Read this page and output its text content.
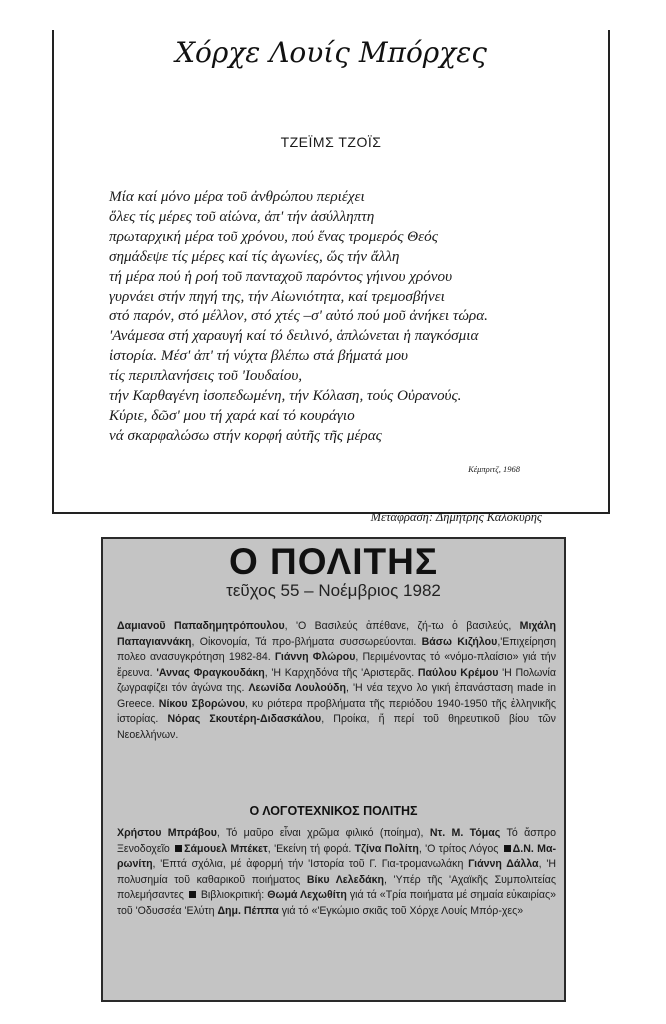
Χόρχε Λουίς Μπόρχες
ΤΖΕΪΜΣ ΤΖΟΪΣ
Μία καί μόνο μέρα τοῦ ἀνθρώπου περιέχει
ὅλες τίς μέρες τοῦ αἰώνα, ἀπ' τήν ἀσύλληπτη
πρωταρχική μέρα τοῦ χρόνου, πού ἕνας τρομερός Θεός
σημάδεψε τίς μέρες καί τίς ἀγωνίες, ὥς τήν ἄλλη
τή μέρα πού ἡ ροή τοῦ πανταχοῦ παρόντος γήινου χρόνου
γυρνάει στήν πηγή της, τήν Αἰωνιότητα, καί τρεμοσβήνει
στό παρόν, στό μέλλον, στό χτές –σ' αὐτό πού μοῦ ἀνήκει τώρα.
'Ανάμεσα στή χαραυγή καί τό δειλινό, ἁπλώνεται ἡ παγκόσμια
ἱστορία. Μέσ' ἀπ' τή νύχτα βλέπω στά βήματά μου
τίς περιπλανήσεις τοῦ 'Ιουδαίου,
τήν Καρθαγένη ἰσοπεδωμένη, τήν Κόλαση, τούς Οὐρανούς.
Κύριε, δῶσ' μου τή χαρά καί τό κουράγιο
νά σκαρφαλώσω στήν κορφή αὐτῆς τῆς μέρας
Κέμπριτζ, 1968
Μετάφραση: Δημήτρης Καλοκύρης
Ο ΠΟΛΙΤΗΣ
τεῦχος 55 – Νοέμβριος 1982
Δαμιανοῦ Παπαδημητρόπουλου, 'Ο Βασιλεύς ἀπέθανε, ζή-τω ὁ βασιλεύς, Μιχάλη Παπαγιαννάκη, Οἰκονομία, Τά προ-βλήματα συσσωρεύονται. Βάσω Κιζήλου,'Επιχείρηση πολεο ανασυγκρότηση 1982-84. Γιάννη Φλώρου, Περιμένοντας τό «νόμο-πλαίσιο» γιά τήν ἔρευνα. 'Αννας Φραγκουδάκη, 'Η Καρχηδόνα τῆς 'Αριστερᾶς. Παύλου Κρέμου 'Η Πολωνία ζωγραφίζει τόν ἀγώνα της. Λεωνίδα Λουλούδη, 'Η νέα τεχνο λο γική ἐπανάσταση made in Greece. Νίκου Σβορώνου, κυ ριότερα προβλήματα τῆς περιόδου 1940-1950 τῆς ἑλληνικῆς ἱστορίας. Νόρας Σκουτέρη-Διδασκάλου, Προίκα, ἤ περί τοῦ θηρευτικοῦ βίου τῶν Νεοελλήνων.
Ο ΛΟΓΟΤΕΧΝΙΚΟΣ ΠΟΛΙΤΗΣ
Χρήστου Μπράβου, Τό μαῦρο εἶναι χρῶμα φιλικό (ποίημα), Ντ. Μ. Τόμας Τό ἄσπρο Ξενοδοχεῖο Σάμουελ Μπέκετ, 'Εκείνη τή φορά. Τζίνα Πολίτη, 'Ο τρίτος Λόγος Δ.Ν. Μα-ρωνίτη, 'Επτά σχόλια, μέ ἀφορμή τήν 'Ιστορία τοῦ Γ. Για-τρομανωλάκη Γιάννη Δάλλα, 'Η πολυσημία τοῦ καθαρικοῦ ποιήματος Βίκυ Λελεδάκη, 'Υπέρ τῆς 'Αχαϊκῆς Συμπολιτείας πολεμήσαντες  Βιβλιοκριτική: Θωμά Λεχωθίτη γιά τά «Τρία ποιήματα μέ σημαία εὐκαιρίας» τοῦ 'Οδυσσέα 'Ελύτη Δημ. Πέππα γιά τό «'Εγκώμιο σκιᾶς τοῦ Χόρχε Λουίς Μπόρ-χες»
